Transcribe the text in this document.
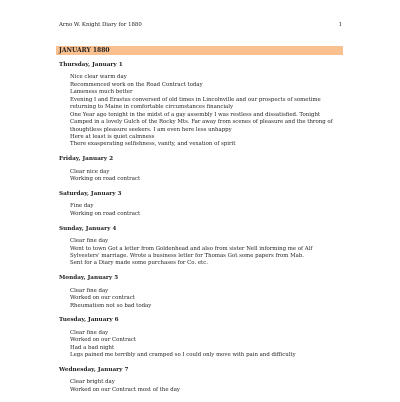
Arno W. Knight Diary for 1880	1
JANUARY 1880
Thursday, January 1
Nice clear warm day
Recommenced work on the Road Contract today
Lameness much better
Evening I and Erastus conversed of old times in Lincolnville and our prospects of sometime
returning to Maine in comfortable circumstances financialy
One Year ago tonight in the midst of a gay assembly I was restless and dissatisfied. Tonight
Camped in a lovely Gulch of the Rocky Mts. Far away from scenes of pleasure and the throng of
thoughtless pleasure seekers. I am even here less unhappy
Here at least is quiet calmness
There exasperating selfishness, vanity, and vexation of spirit
Friday, January 2
Clear nice day
Working on road contract
Saturday, January 3
Fine day
Working on road contract
Sunday, January 4
Clear fine day
Went to town Got a letter from Goldenhead and also from sister Nell informing me of Alf
Sylvesters' marriage. Wrote a business letter for Thomas Got some papers from Mab.
Sent for a Diary made some purchases for Co. etc.
Monday, January 5
Clear fine day
Worked on our contract
Rheumatism not so bad today
Tuesday, January 6
Clear fine day
Worked on our Contract
Had a bad night
Legs pained me terribly and cramped so I could only move with pain and difficulty
Wednesday, January 7
Clear bright day
Worked on our Contract most of the day
